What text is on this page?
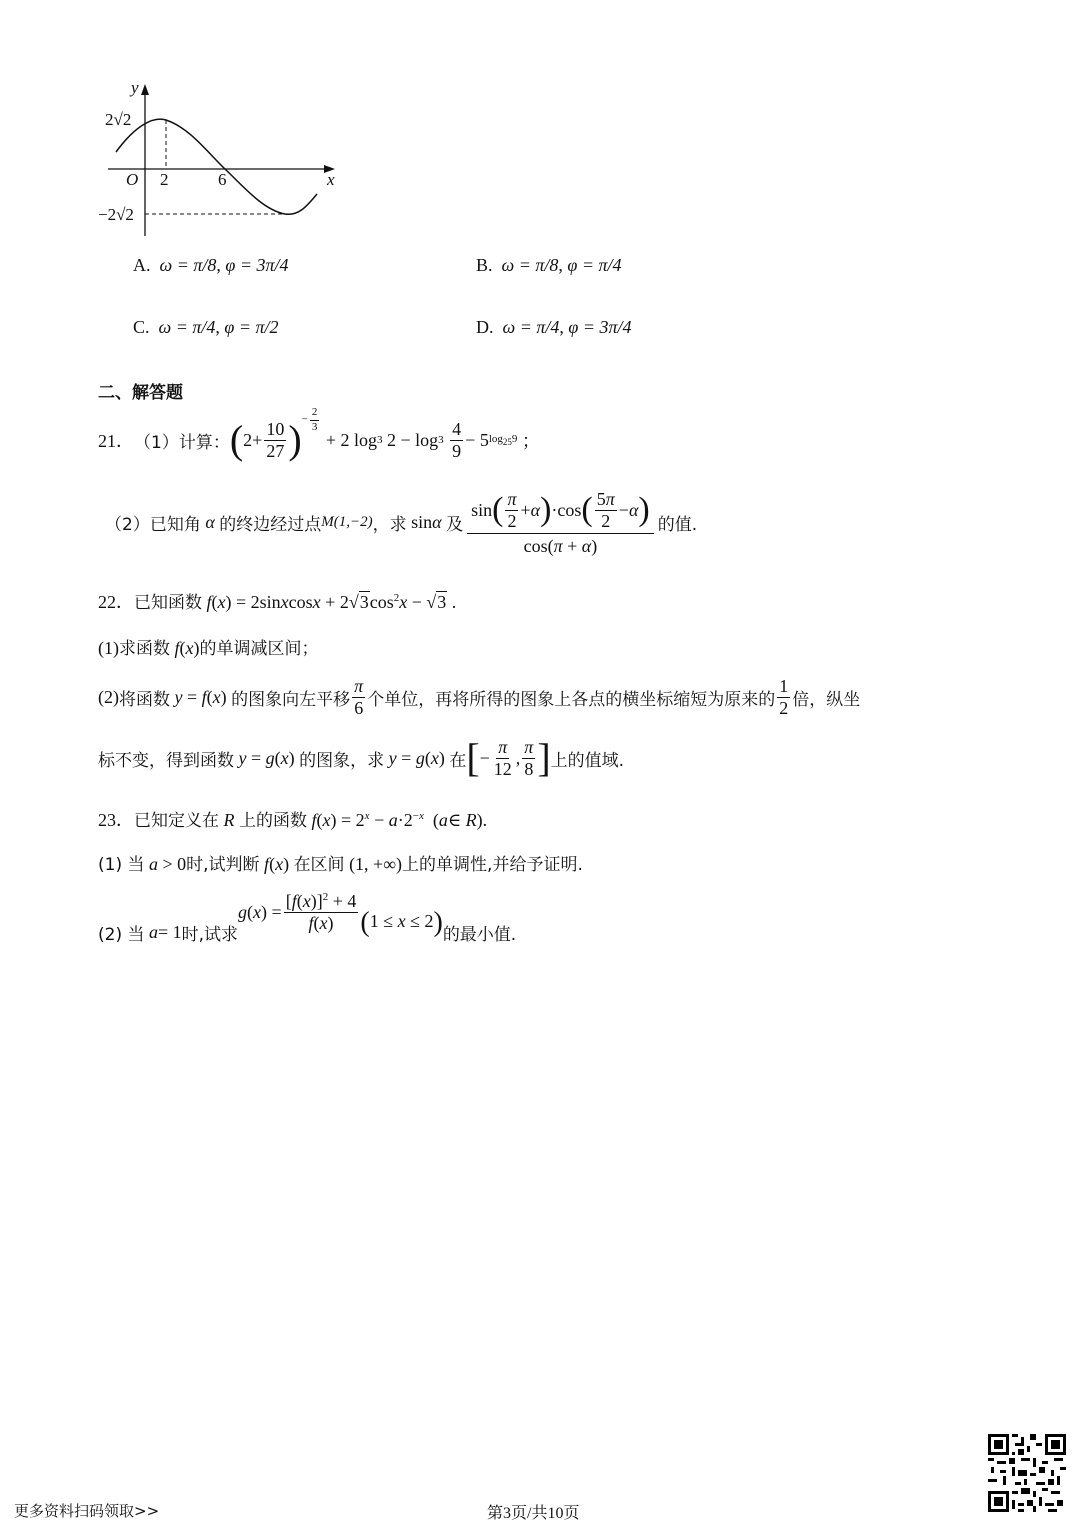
y
2√2
O 2	6	x
−2√2
A. ω = π/8, φ = 3π/4	B. ω = π/8, φ = π/4
C. ω = π/4, φ = π/2	D. ω = π/4, φ = 3π/4
二、解答题
21． （1）计算： ( $2+ \frac{10}{27}$ ) − $\frac{2}{3}$
+ 2 log 3 2 − log 3
$\frac{4}{9} - 5$ $\log_{25}9$ ；
（2）已知角 α 的终边经过点 M(1,−2) ，求 sinα 及 $\frac{\sin ( \frac{\pi}{2} + \alpha ) \cdot\cos ( \frac{5\pi}{2} - \alpha )}{\cos(\pi + \alpha)}$ 的值.
22．已知函数 f(x) = 2sinxcosx + $2√3\cos^2x - √3$ .
(1)求函数 f(x)的单调减区间；
(2) 将函数 y = f(x) 的图象向左平移 $\frac{\pi}{6}$ 个单位，再将所得的图象上各点的横坐标缩短为原来的 $\frac{1}{2}$ 倍，纵坐
标不变，得到函数 y = g(x) 的图象，求 y = g(x) 在 [ − $\frac{\pi}{12}$ , $\frac{\pi}{8}$ ] 上的值域.
23．已知定义在 R 上的函数 $f(x) = 2^x - a\cdot 2^{-x}$  (a∈ R).
(1) 当 a > 0时,试判断 f(x) 在区间 (1, +∞)上的单调性,并给予证明.
(2) 当 a = 1 时,试求
$g(x) = \frac{[f(x)]^2 + 4}{f(x)} (1 \le x \le 2)$ 的最小值.
更多资料扫码领取>>	第3页/共10页
